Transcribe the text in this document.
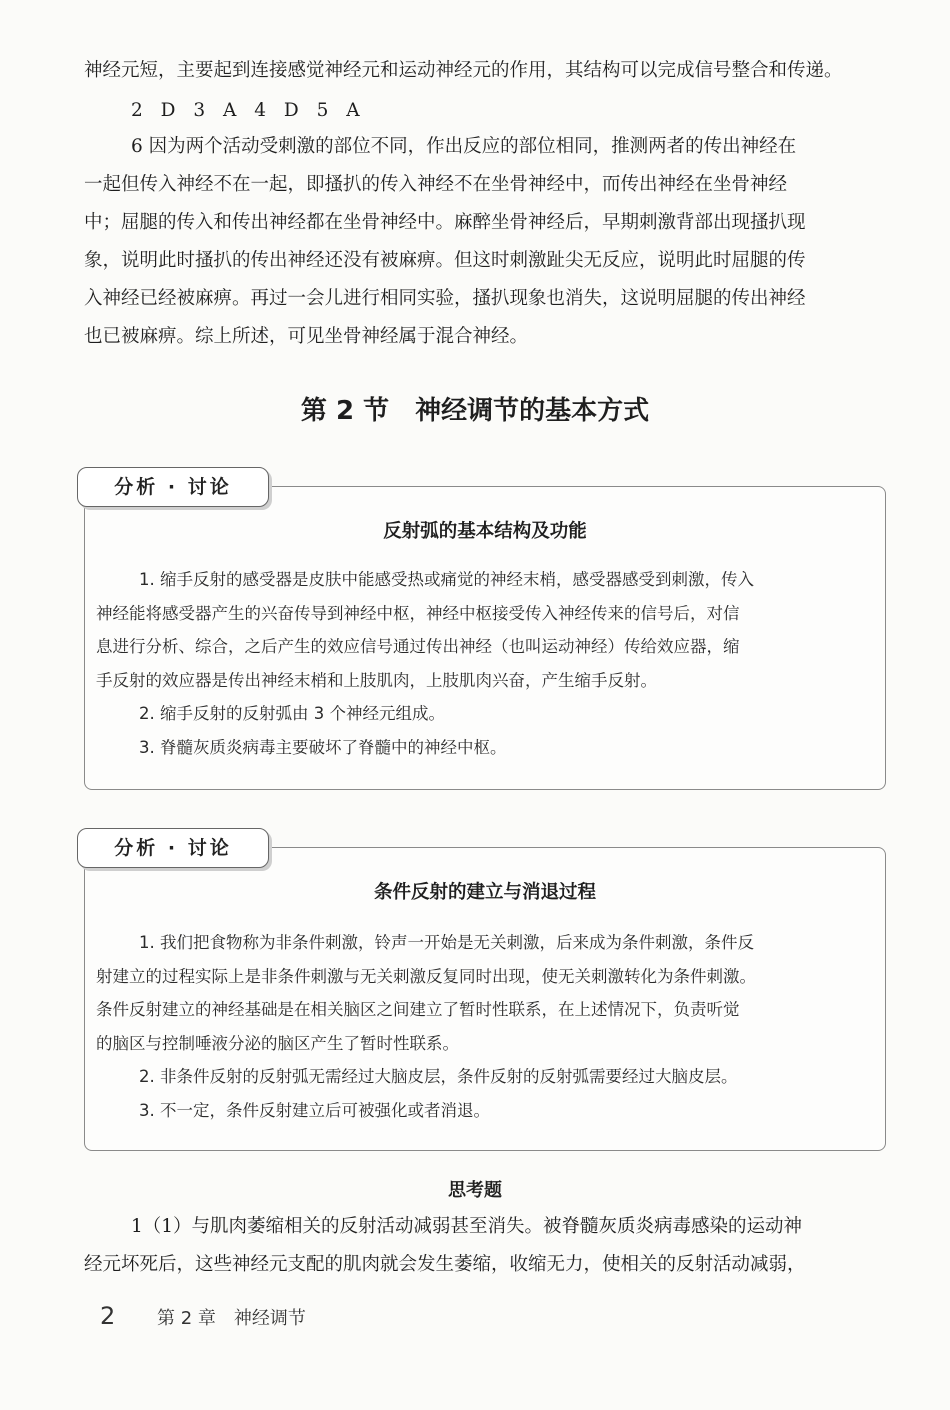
神经元短，主要起到连接感觉神经元和运动神经元的作用，其结构可以完成信号整合和传递。
2 D 3 A 4 D 5 A
6 因为两个活动受刺激的部位不同，作出反应的部位相同，推测两者的传出神经在
一起但传入神经不在一起，即搔扒的传入神经不在坐骨神经中，而传出神经在坐骨神经
中；屈腿的传入和传出神经都在坐骨神经中。麻醉坐骨神经后，早期刺激背部出现搔扒现
象，说明此时搔扒的传出神经还没有被麻痹。但这时刺激趾尖无反应，说明此时屈腿的传
入神经已经被麻痹。再过一会儿进行相同实验，搔扒现象也消失，这说明屈腿的传出神经
也已被麻痹。综上所述，可见坐骨神经属于混合神经。
第 2 节　神经调节的基本方式
分析 · 讨论
反射弧的基本结构及功能
1. 缩手反射的感受器是皮肤中能感受热或痛觉的神经末梢，感受器感受到刺激，传入
神经能将感受器产生的兴奋传导到神经中枢，神经中枢接受传入神经传来的信号后，对信
息进行分析、综合，之后产生的效应信号通过传出神经（也叫运动神经）传给效应器，缩
手反射的效应器是传出神经末梢和上肢肌肉，上肢肌肉兴奋，产生缩手反射。
2. 缩手反射的反射弧由 3 个神经元组成。
3. 脊髓灰质炎病毒主要破坏了脊髓中的神经中枢。
分析 · 讨论
条件反射的建立与消退过程
1. 我们把食物称为非条件刺激，铃声一开始是无关刺激，后来成为条件刺激，条件反
射建立的过程实际上是非条件刺激与无关刺激反复同时出现，使无关刺激转化为条件刺激。
条件反射建立的神经基础是在相关脑区之间建立了暂时性联系，在上述情况下，负责听觉
的脑区与控制唾液分泌的脑区产生了暂时性联系。
2. 非条件反射的反射弧无需经过大脑皮层，条件反射的反射弧需要经过大脑皮层。
3. 不一定，条件反射建立后可被强化或者消退。
思考题
1（1）与肌肉萎缩相关的反射活动减弱甚至消失。被脊髓灰质炎病毒感染的运动神
经元坏死后，这些神经元支配的肌肉就会发生萎缩，收缩无力，使相关的反射活动减弱，
2 第 2 章　神经调节
